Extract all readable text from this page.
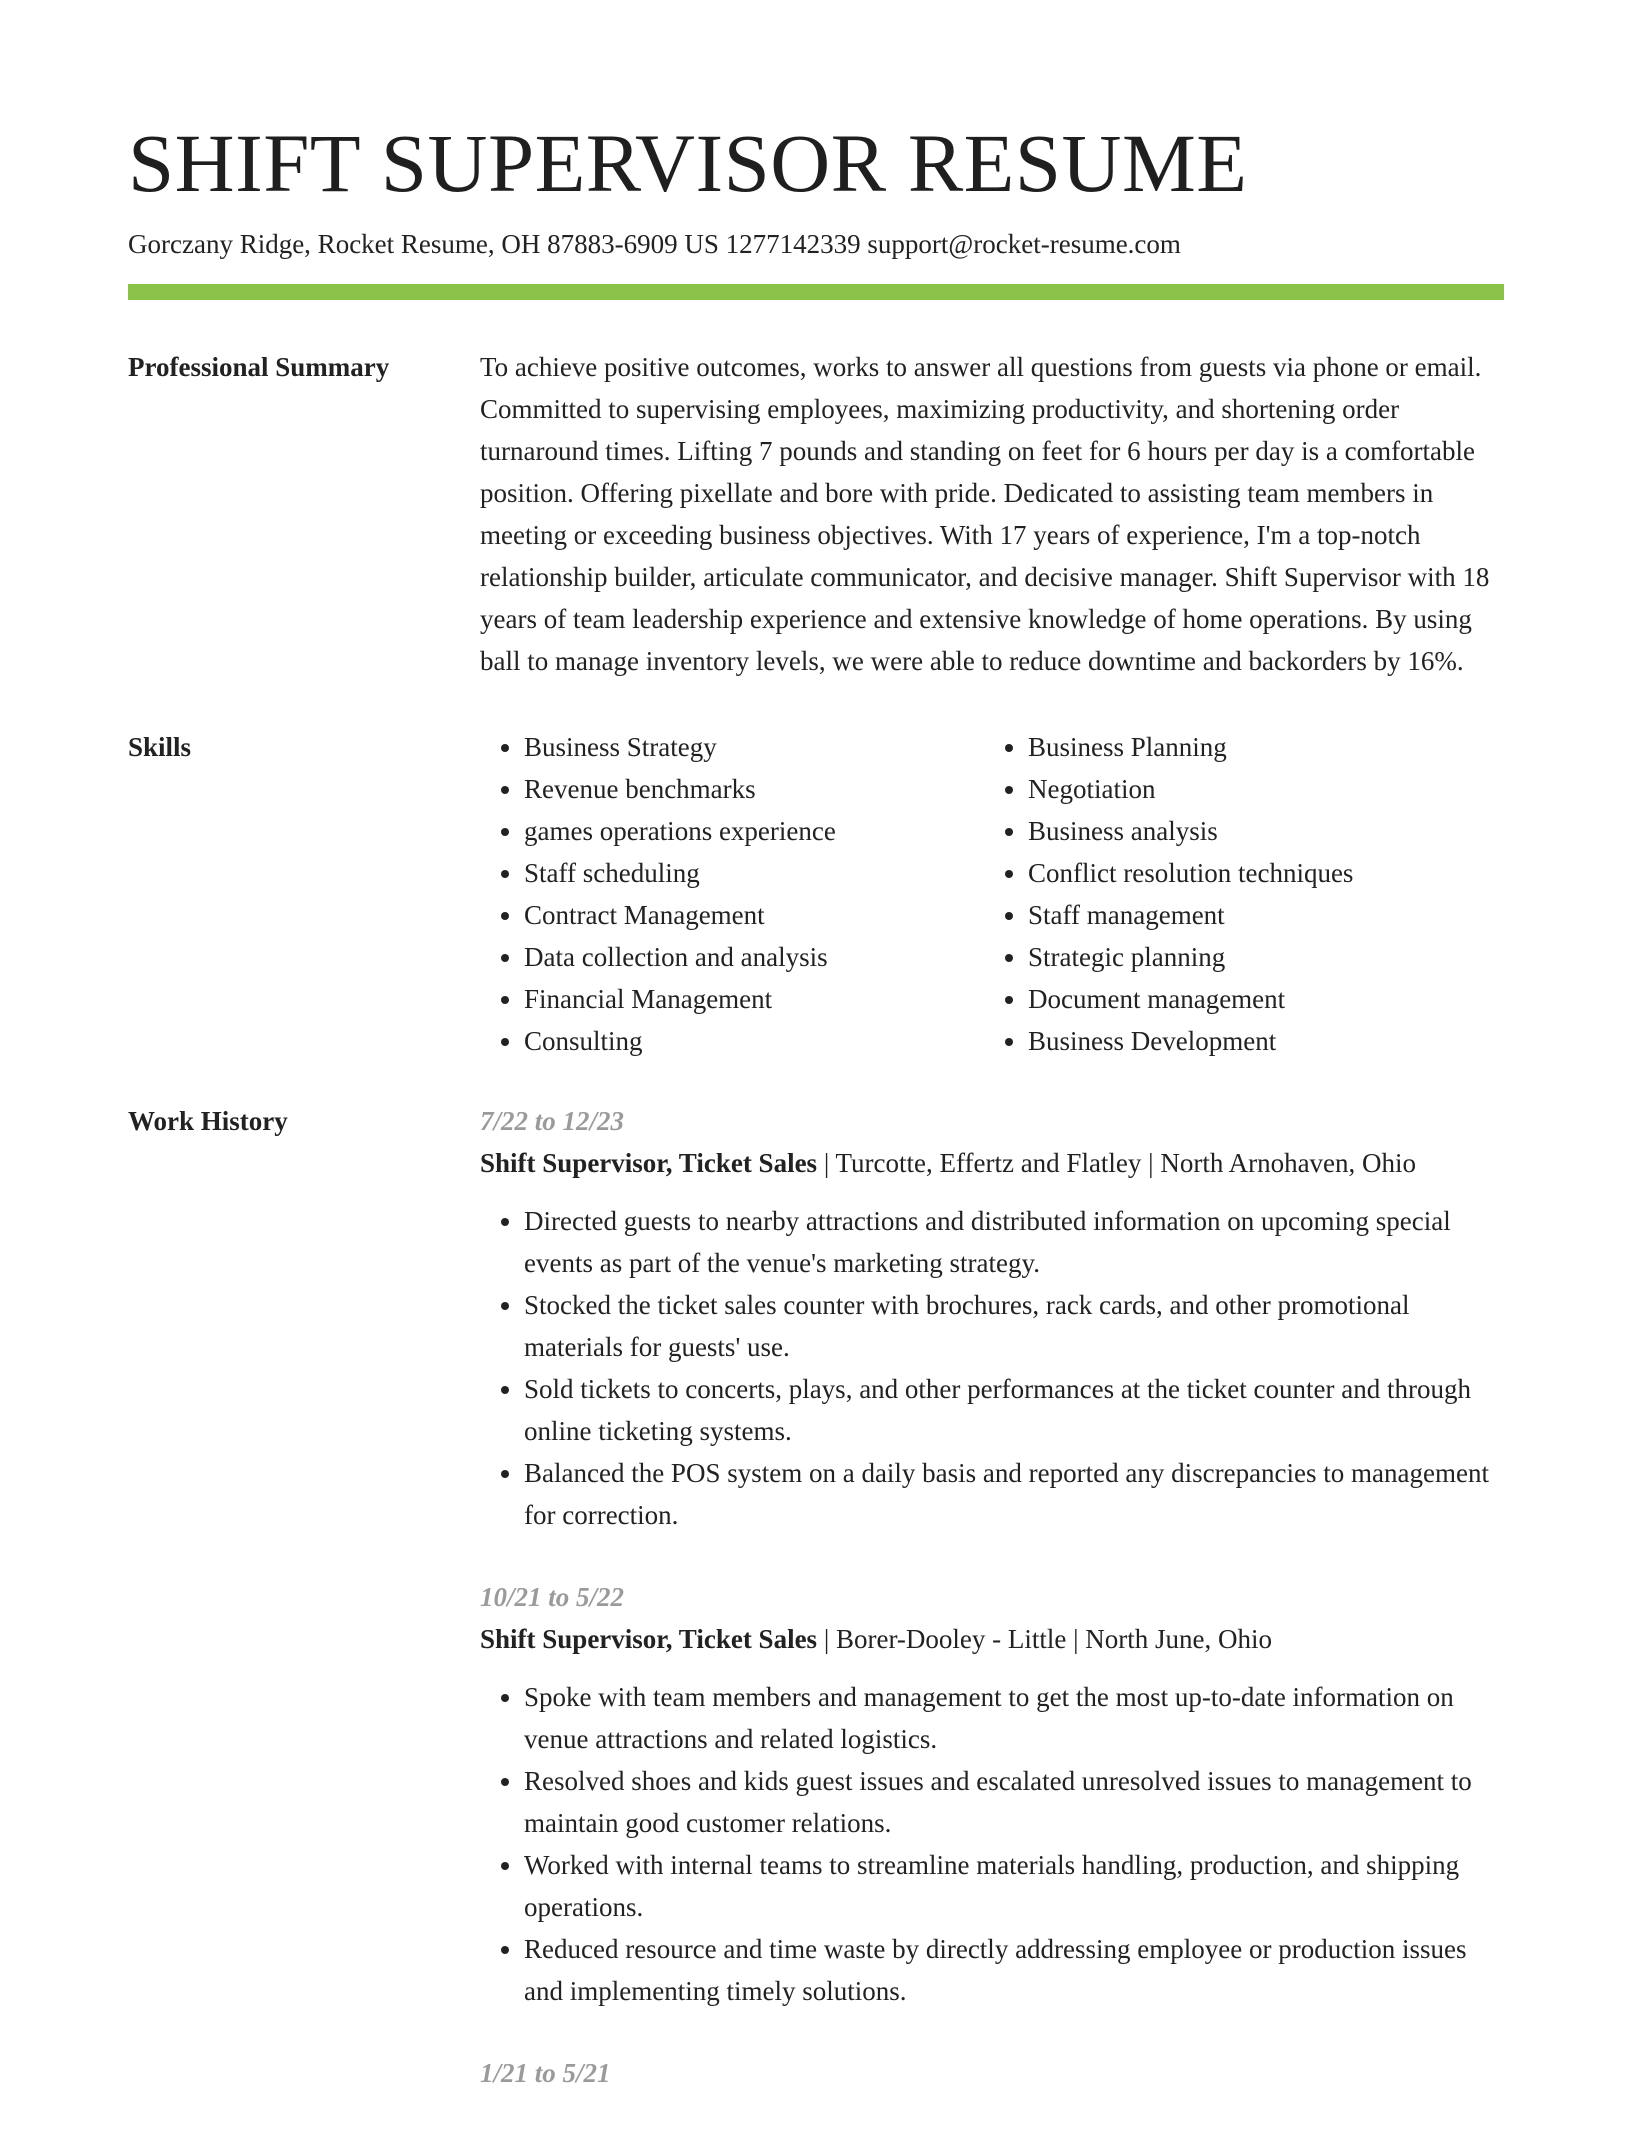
SHIFT SUPERVISOR RESUME
Gorczany Ridge, Rocket Resume, OH 87883-6909 US 1277142339 support@rocket-resume.com
Professional Summary	To achieve positive outcomes, works to answer all questions from guests via phone or email. Committed to supervising employees, maximizing productivity, and shortening order turnaround times. Lifting 7 pounds and standing on feet for 6 hours per day is a comfortable position. Offering pixellate and bore with pride. Dedicated to assisting team members in meeting or exceeding business objectives. With 17 years of experience, I'm a top-notch relationship builder, articulate communicator, and decisive manager. Shift Supervisor with 18 years of team leadership experience and extensive knowledge of home operations. By using ball to manage inventory levels, we were able to reduce downtime and backorders by 16%.

Skills
•	Business Strategy
• Revenue benchmarks
• games operations experience
• Staff scheduling
• Contract Management
• Data collection and analysis
• Financial Management
• Consulting
• Business Planning
• Negotiation
• Business analysis
• Conflict resolution techniques
• Staff management
• Strategic planning
• Document management
• Business Development
Work History	7/22 to 12/23
Shift Supervisor, Ticket Sales | Turcotte, Effertz and Flatley | North Arnohaven, Ohio
• Directed guests to nearby attractions and distributed information on upcoming special events as part of the venue's marketing strategy.
• Stocked the ticket sales counter with brochures, rack cards, and other promotional materials for guests' use.
• Sold tickets to concerts, plays, and other performances at the ticket counter and through online ticketing systems.
• Balanced the POS system on a daily basis and reported any discrepancies to management for correction.
10/21 to 5/22
Shift Supervisor, Ticket Sales | Borer-Dooley - Little | North June, Ohio
• Spoke with team members and management to get the most up-to-date information on venue attractions and related logistics.
• Resolved shoes and kids guest issues and escalated unresolved issues to management to maintain good customer relations.
• Worked with internal teams to streamline materials handling, production, and shipping operations.
• Reduced resource and time waste by directly addressing employee or production issues and implementing timely solutions.
1/21 to 5/21
